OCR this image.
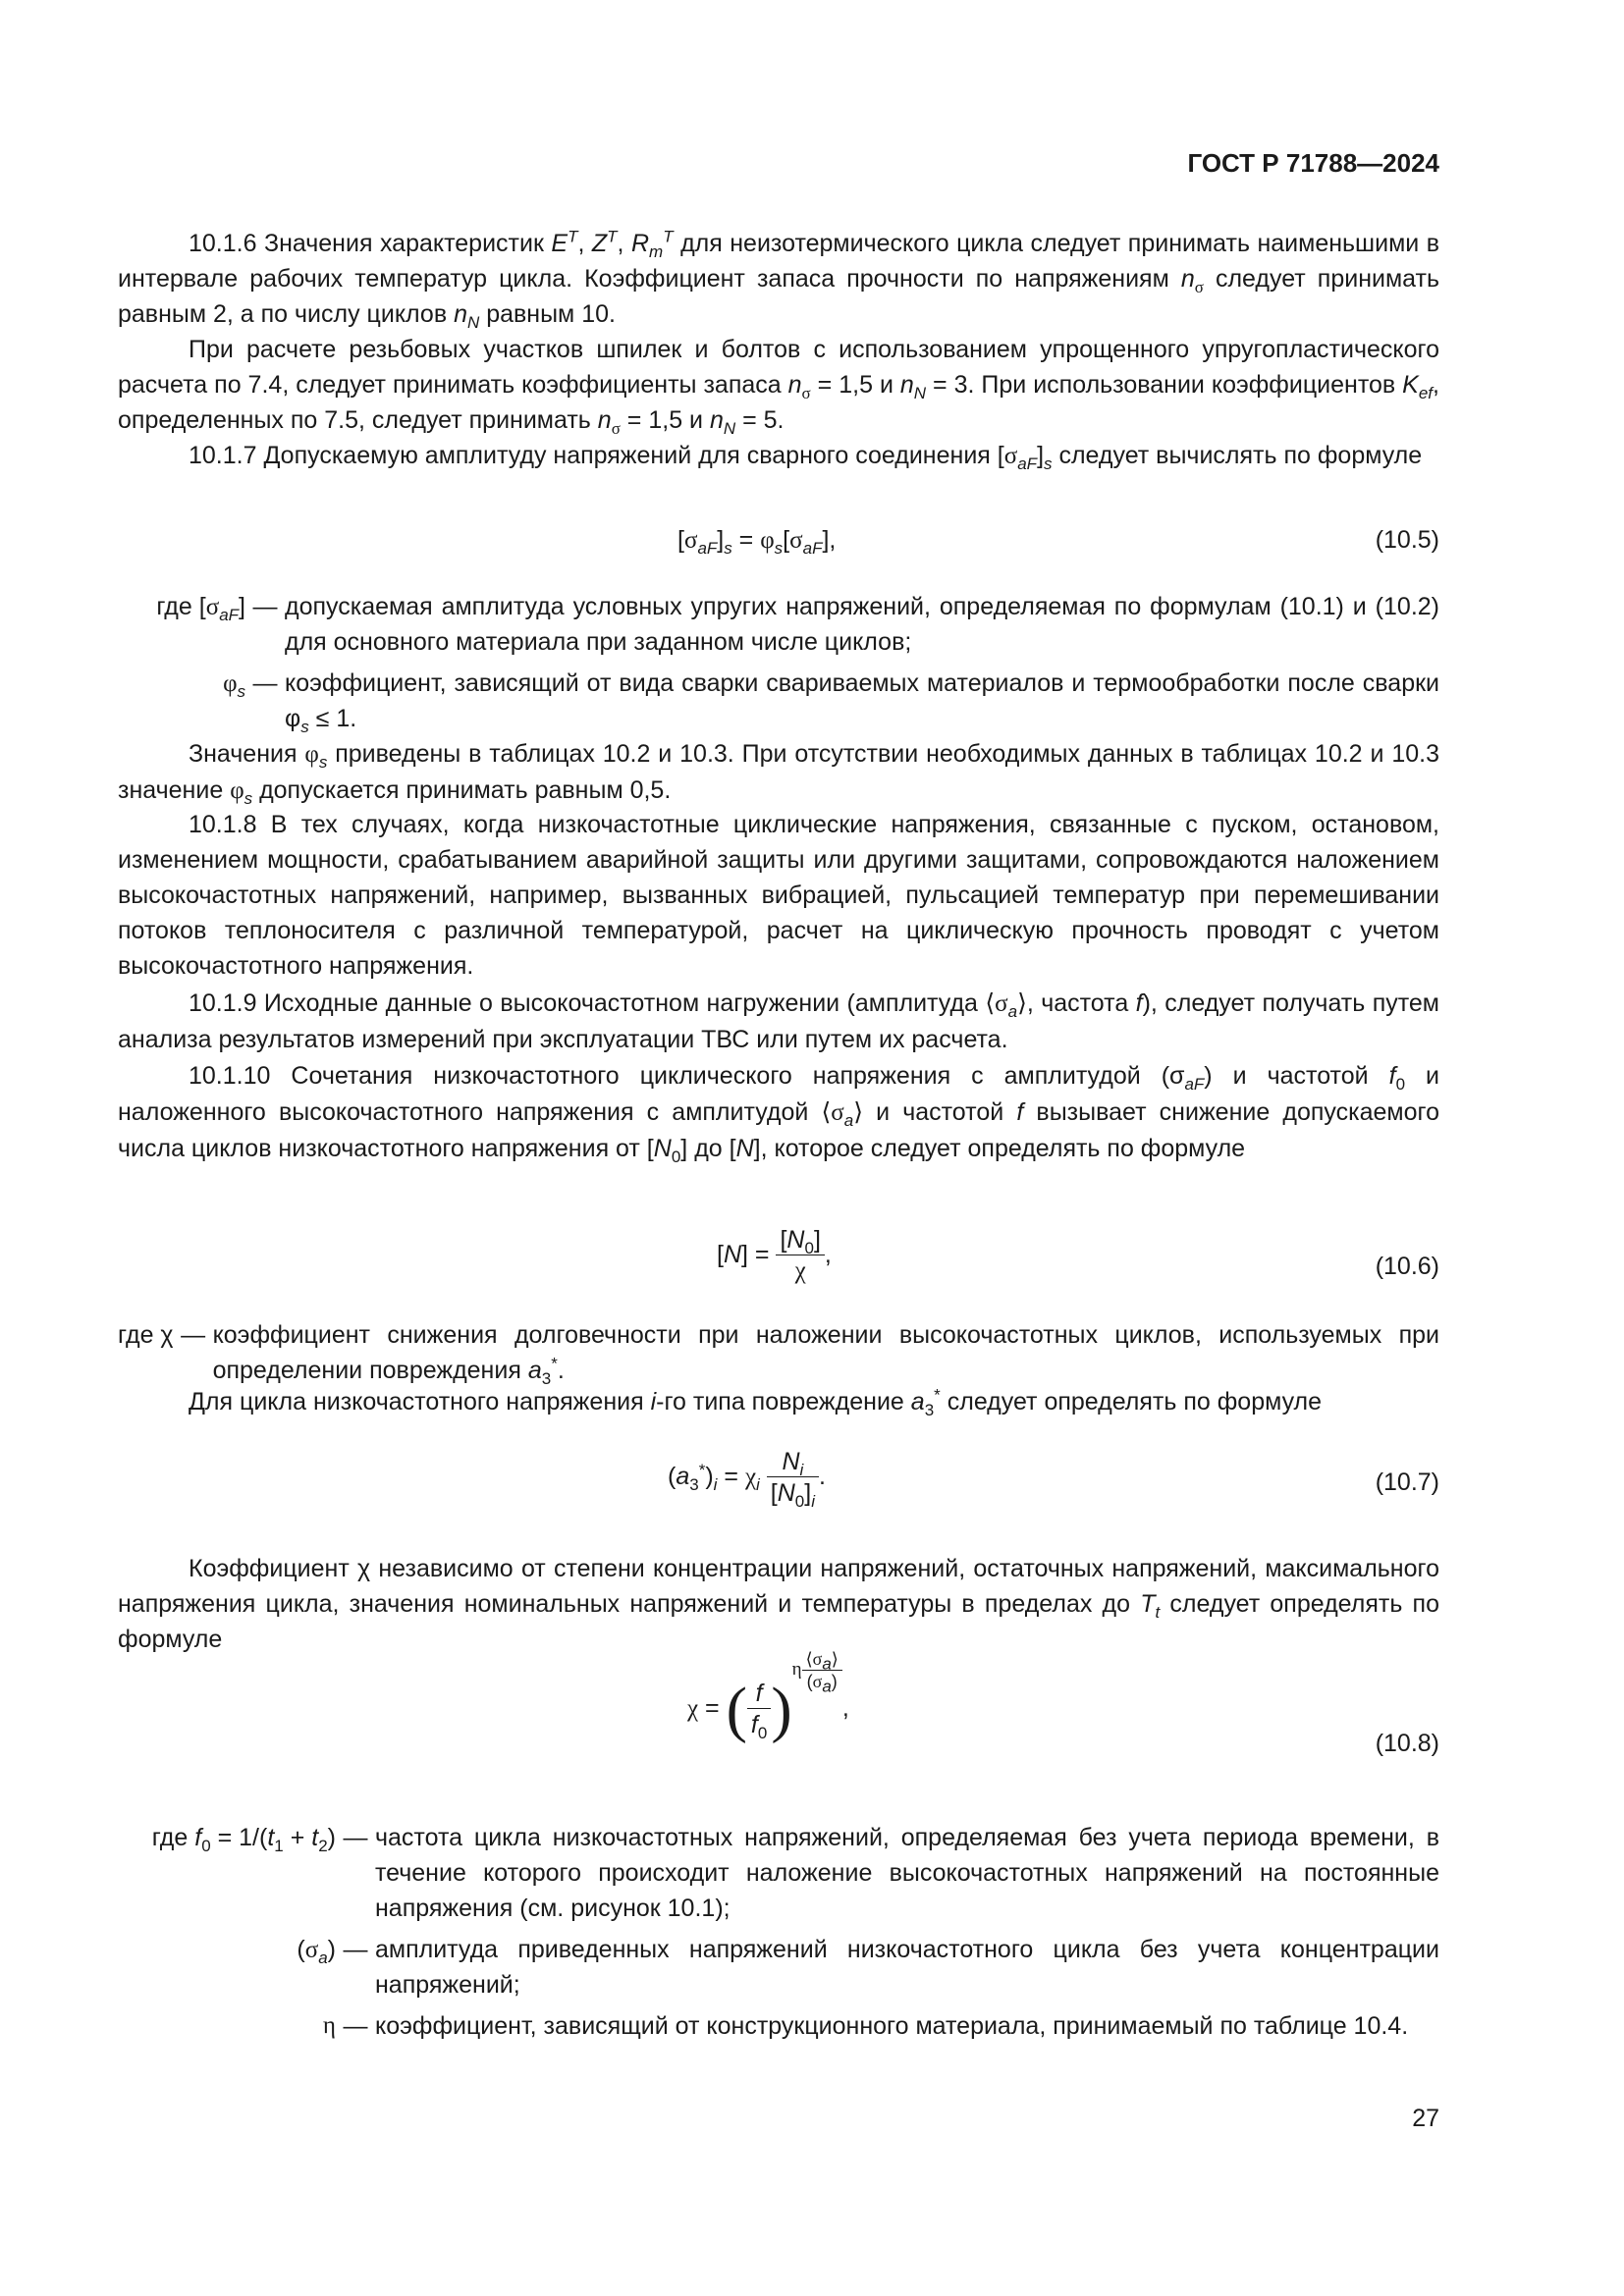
ГОСТ Р 71788—2024
10.1.6 Значения характеристик $E^T$, $Z^T$, $R_m^T$ для неизотермического цикла следует принимать наименьшими в интервале рабочих температур цикла. Коэффициент запаса прочности по напряжениям $n_\sigma$ следует принимать равным 2, а по числу циклов $n_N$ равным 10.
При расчете резьбовых участков шпилек и болтов с использованием упрощенного упругопластического расчета по 7.4, следует принимать коэффициенты запаса $n_\sigma = 1,5$ и $n_N = 3$. При использовании коэффициентов $K_{ef}$, определенных по 7.5, следует принимать $n_\sigma = 1,5$ и $n_N = 5$.
10.1.7 Допускаемую амплитуду напряжений для сварного соединения $[\sigma_{aF}]_s$ следует вычислять по формуле
$[\sigma_{aF}]_s = \varphi_s[\sigma_{aF}]$,	(10.5)
где $[\sigma_{aF}]$ — допускаемая амплитуда условных упругих напряжений, определяемая по формулам (10.1) и (10.2) для основного материала при заданном числе циклов;
$\varphi_s$ — коэффициент, зависящий от вида сварки свариваемых материалов и термообработки после сварки $\varphi_s \le 1$.
Значения $\varphi_s$ приведены в таблицах 10.2 и 10.3. При отсутствии необходимых данных в таблицах 10.2 и 10.3 значение $\varphi_s$ допускается принимать равным 0,5.
10.1.8 В тех случаях, когда низкочастотные циклические напряжения, связанные с пуском, остановом, изменением мощности, срабатыванием аварийной защиты или другими защитами, сопровождаются наложением высокочастотных напряжений, например, вызванных вибрацией, пульсацией температур при перемешивании потоков теплоносителя с различной температурой, расчет на циклическую прочность проводят с учетом высокочастотного напряжения.
10.1.9 Исходные данные о высокочастотном нагружении (амплитуда $⟨\sigma_a⟩$, частота f), следует получать путем анализа результатов измерений при эксплуатации ТВС или путем их расчета.
10.1.10 Сочетания низкочастотного циклического напряжения с амплитудой $(\sigma_{aF})$ и частотой $f_0$ и наложенного высокочастотного напряжения с амплитудой $⟨\sigma_a⟩$ и частотой f вызывает снижение допускаемого числа циклов низкочастотного напряжения от $[N_0]$ до [N], которое следует определять по формуле
$[N] = \frac{[N_0]}{\chi}$ ,	(10.6)
где χ — коэффициент снижения долговечности при наложении высокочастотных циклов, используемых при определении повреждения $a_3^*$.
Для цикла низкочастотного напряжения i-го типа повреждение $a_3^*$ следует определять по формуле
$(a_3^*)_i = \chi_i \frac{N_i}{[N_0]_i}$ .	(10.7)
Коэффициент χ независимо от степени концентрации напряжений, остаточных напряжений, максимального напряжения цикла, значения номинальных напряжений и температуры в пределах до $T_t$ следует определять по формуле
χ = ( $\frac{f}{f_0} )^{\eta \frac{⟨\sigma_a⟩}{(\sigma_a)}}$
,
(10.8)
где $f_0 = 1/(t_1 + t_2)$ — частота цикла низкочастотных напряжений, определяемая без учета периода времени, в течение которого происходит наложение высокочастотных напряжений на постоянные напряжения (см. рисунок 10.1);
$(\sigma_a)$ — амплитуда приведенных напряжений низкочастотного цикла без учета концентрации напряжений;
η — коэффициент, зависящий от конструкционного материала, принимаемый по таблице 10.4.
27
